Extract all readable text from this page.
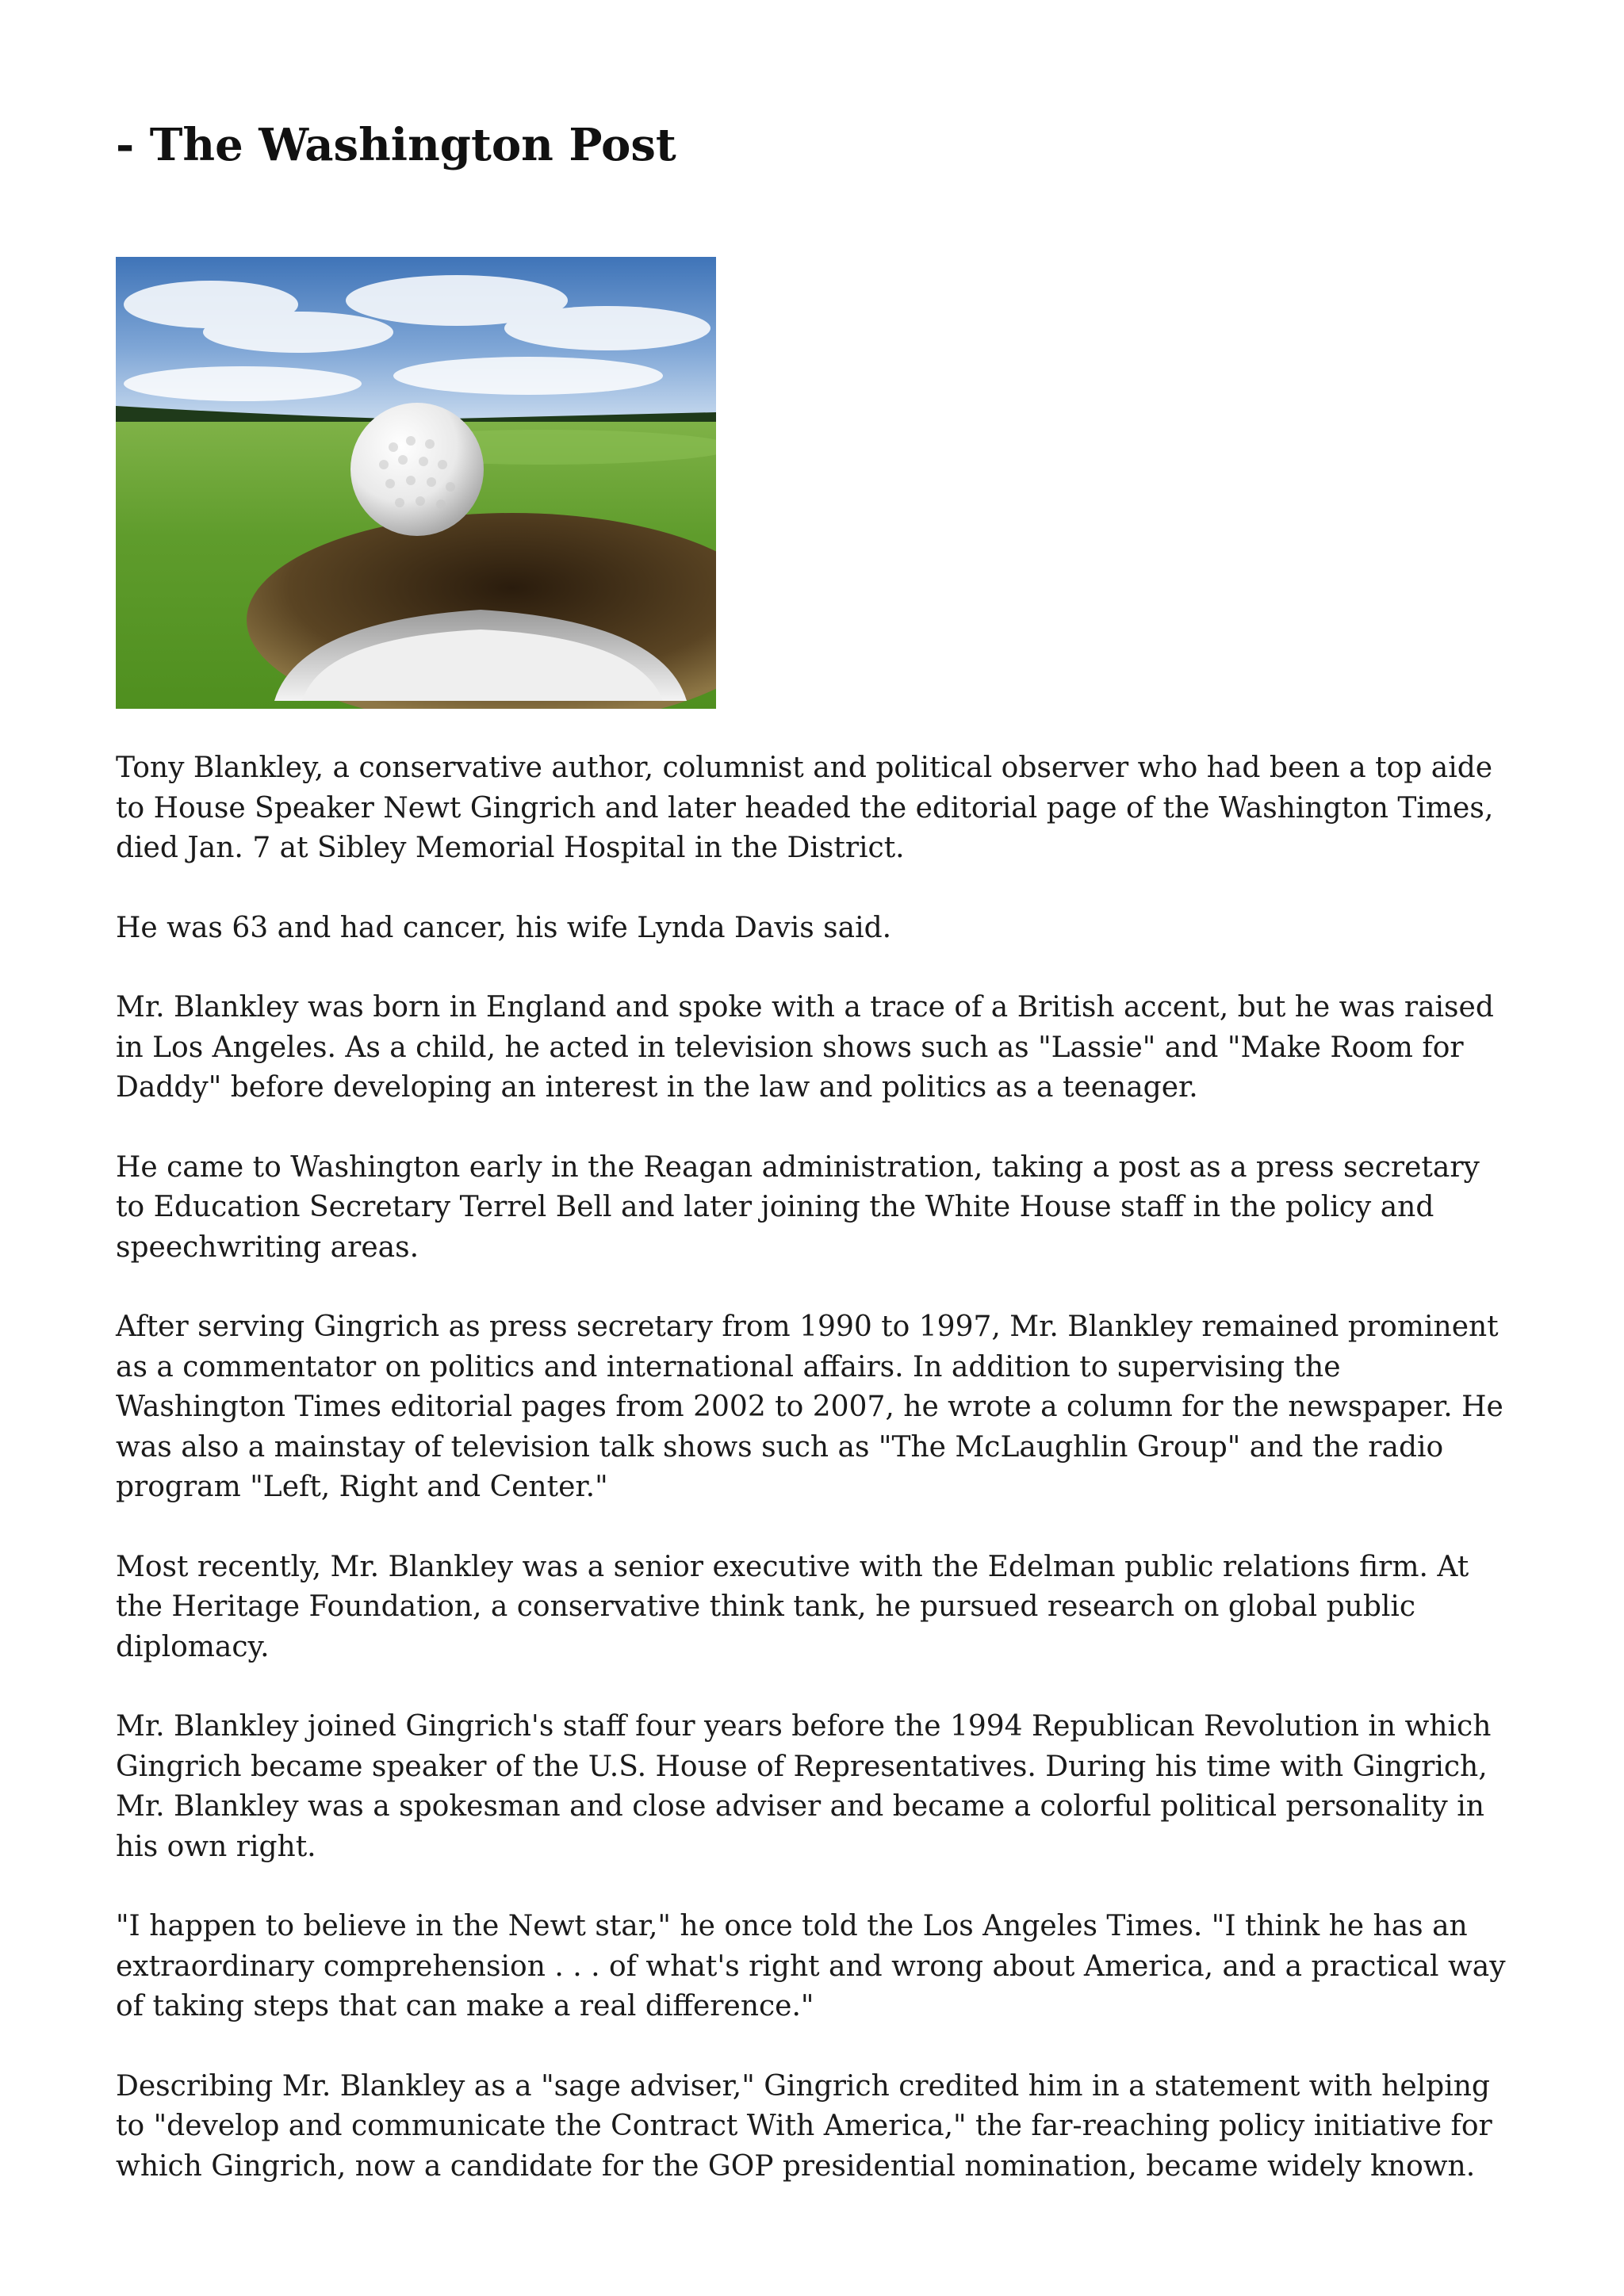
- The Washington Post

Tony Blankley, a conservative author, columnist and political observer who had been a top aide to House Speaker Newt Gingrich and later headed the editorial page of the Washington Times, died Jan. 7 at Sibley Memorial Hospital in the District.

He was 63 and had cancer, his wife Lynda Davis said.

Mr. Blankley was born in England and spoke with a trace of a British accent, but he was raised in Los Angeles. As a child, he acted in television shows such as "Lassie" and "Make Room for Daddy" before developing an interest in the law and politics as a teenager.

He came to Washington early in the Reagan administration, taking a post as a press secretary to Education Secretary Terrel Bell and later joining the White House staff in the policy and speechwriting areas.

After serving Gingrich as press secretary from 1990 to 1997, Mr. Blankley remained prominent as a commentator on politics and international affairs. In addition to supervising the Washington Times editorial pages from 2002 to 2007, he wrote a column for the newspaper. He was also a mainstay of television talk shows such as "The McLaughlin Group" and the radio program "Left, Right and Center."

Most recently, Mr. Blankley was a senior executive with the Edelman public relations firm. At the Heritage Foundation, a conservative think tank, he pursued research on global public diplomacy.

Mr. Blankley joined Gingrich's staff four years before the 1994 Republican Revolution in which Gingrich became speaker of the U.S. House of Representatives. During his time with Gingrich, Mr. Blankley was a spokesman and close adviser and became a colorful political personality in his own right.

"I happen to believe in the Newt star," he once told the Los Angeles Times. "I think he has an extraordinary comprehension . . . of what's right and wrong about America, and a practical way of taking steps that can make a real difference."

Describing Mr. Blankley as a "sage adviser," Gingrich credited him in a statement with helping to "develop and communicate the Contract With America," the far-reaching policy initiative for which Gingrich, now a candidate for the GOP presidential nomination, became widely known.
